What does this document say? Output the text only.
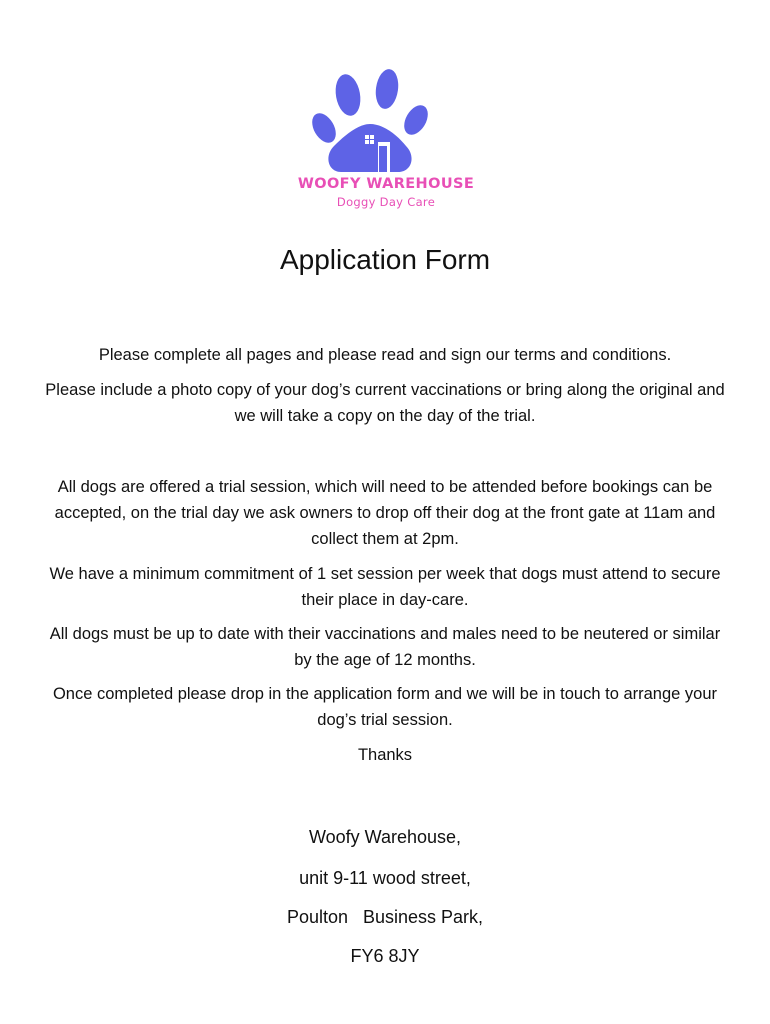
WOOFY WAREHOUSE
Doggy Day Care
Application Form

Please complete all pages and please read and sign our terms and conditions.

Please include a photo copy of your dog’s current vaccinations or bring along the original and we will take a copy on the day of the trial.

All dogs are offered a trial session, which will need to be attended before bookings can be accepted, on the trial day we ask owners to drop off their dog at the front gate at 11am and collect them at 2pm.

We have a minimum commitment of 1 set session per week that dogs must attend to secure their place in day-care.

All dogs must be up to date with their vaccinations and males need to be neutered or similar by the age of 12 months.

Once completed please drop in the application form and we will be in touch to arrange your dog’s trial session.

Thanks

Woofy Warehouse,

unit 9-11 wood street,

Poulton   Business Park,

FY6 8JY
